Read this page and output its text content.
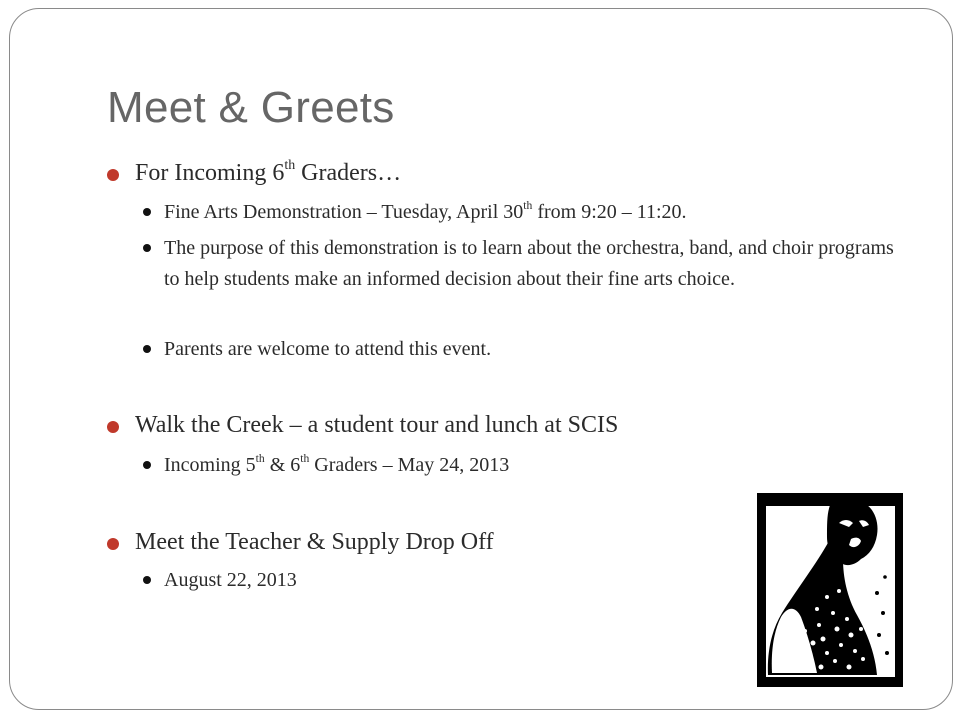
Meet & Greets

For Incoming 6th Graders…

Fine Arts Demonstration – Tuesday, April 30th from 9:20 – 11:20.

The purpose of this demonstration is to learn about the orchestra, band, and choir programs to help students make an informed decision about their fine arts choice.

Parents are welcome to attend this event.

Walk the Creek – a student tour and lunch at SCIS

Incoming 5th & 6th Graders – May 24, 2013

Meet the Teacher & Supply Drop Off

August 22, 2013
